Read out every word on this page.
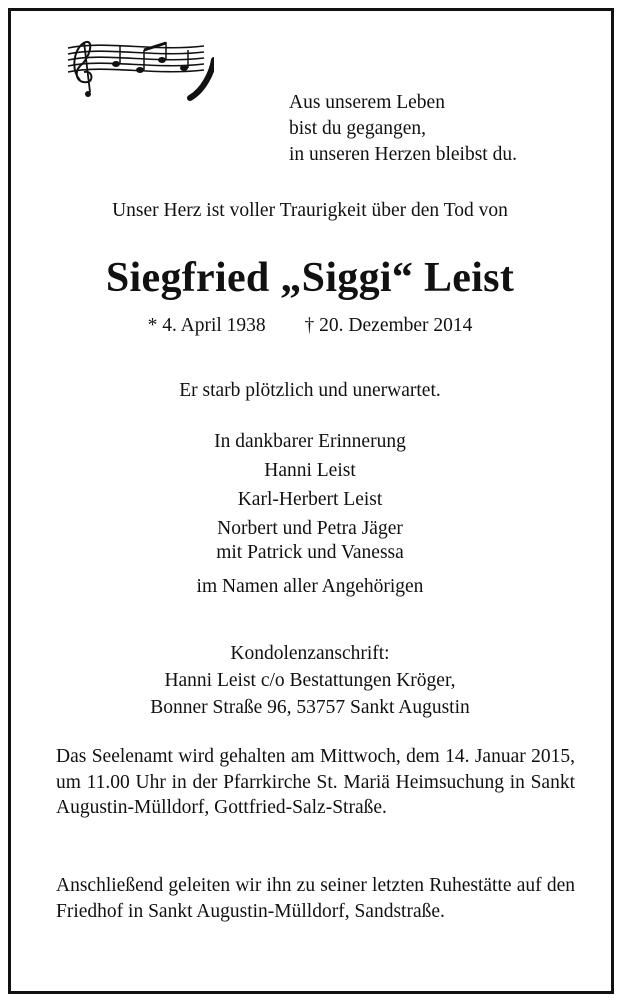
Aus unserem Leben
bist du gegangen,
in unseren Herzen bleibst du.
Unser Herz ist voller Traurigkeit über den Tod von
Siegfried „Siggi“ Leist
* 4. April 1938 † 20. Dezember 2014
Er starb plötzlich und unerwartet.
In dankbarer Erinnerung
Hanni Leist
Karl-Herbert Leist
Norbert und Petra Jäger
mit Patrick und Vanessa
im Namen aller Angehörigen
Kondolenzanschrift:
Hanni Leist c/o Bestattungen Kröger,
Bonner Straße 96, 53757 Sankt Augustin
Das Seelenamt wird gehalten am Mittwoch, dem 14. Januar 2015, um 11.00 Uhr in der Pfarrkirche St. Mariä Heimsuchung in Sankt Augustin-Mülldorf, Gottfried-Salz-Straße.
Anschließend geleiten wir ihn zu seiner letzten Ruhestätte auf den Friedhof in Sankt Augustin-Mülldorf, Sandstraße.
